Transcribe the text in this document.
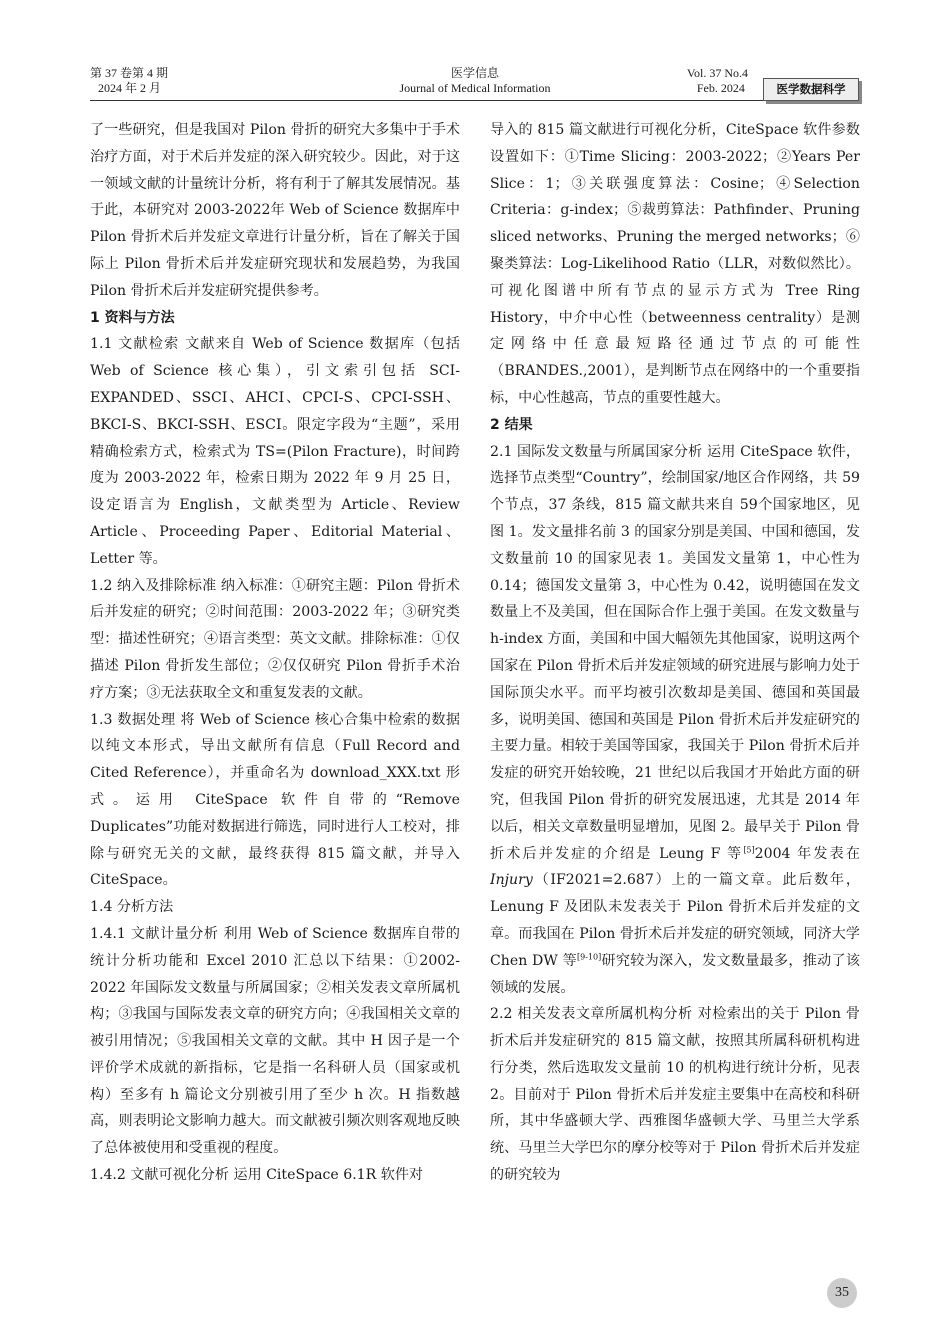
第 37 卷第 4 期
2024 年 2 月
医学信息
Journal of Medical Information
Vol. 37 No.4
Feb. 2024	医学数据科学

了一些研究，但是我国对 Pilon 骨折的研究大多集中于手术治疗方面，对于术后并发症的深入研究较少。因此，对于这一领域文献的计量统计分析，将有利于了解其发展情况。基于此，本研究对 2003-2022年 Web of Science 数据库中 Pilon 骨折术后并发症文章进行计量分析，旨在了解关于国际上 Pilon 骨折术后并发症研究现状和发展趋势，为我国 Pilon 骨折术后并发症研究提供参考。

1 资料与方法

1.1 文献检索 文献来自 Web of Science 数据库（包括 Web of Science 核心集），引文索引包括 SCI-EXPANDED、SSCI、AHCI、CPCI-S、CPCI-SSH、BKCI-S、BKCI-SSH、ESCI。限定字段为“主题”，采用精确检索方式，检索式为 TS=(Pilon Fracture)，时间跨度为 2003-2022 年，检索日期为 2022 年 9 月 25 日，设定语言为 English，文献类型为 Article、Review Article、Proceeding Paper、Editorial Material、Letter 等。

1.2 纳入及排除标准 纳入标准：①研究主题：Pilon 骨折术后并发症的研究；②时间范围：2003-2022 年；③研究类型：描述性研究；④语言类型：英文文献。排除标准：①仅描述 Pilon 骨折发生部位；②仅仅研究 Pilon 骨折手术治疗方案；③无法获取全文和重复发表的文献。

1.3 数据处理 将 Web of Science 核心合集中检索的数据以纯文本形式，导出文献所有信息（Full Record and Cited Reference），并重命名为 download_XXX.txt 形式。运用 CiteSpace 软件自带的“Remove Duplicates”功能对数据进行筛选，同时进行人工校对，排除与研究无关的文献，最终获得 815 篇文献，并导入 CiteSpace。

1.4 分析方法

1.4.1 文献计量分析 利用 Web of Science 数据库自带的统计分析功能和 Excel 2010 汇总以下结果：①2002-2022 年国际发文数量与所属国家；②相关发表文章所属机构；③我国与国际发表文章的研究方向；④我国相关文章的被引用情况；⑤我国相关文章的文献。其中 H 因子是一个评价学术成就的新指标，它是指一名科研人员（国家或机构）至多有 h 篇论文分别被引用了至少 h 次。H 指数越高，则表明论文影响力越大。而文献被引频次则客观地反映了总体被使用和受重视的程度。

1.4.2 文献可视化分析 运用 CiteSpace 6.1R 软件对

导入的 815 篇文献进行可视化分析，CiteSpace 软件参数设置如下：①Time Slicing：2003-2022；②Years Per Slice：1；③关联强度算法：Cosine；④Selection Criteria：g-index；⑤裁剪算法：Pathfinder、Pruning sliced networks、Pruning the merged networks；⑥聚类算法：Log-Likelihood Ratio（LLR，对数似然比）。可视化图谱中所有节点的显示方式为 Tree Ring History，中介中心性（betweenness centrality）是测定网络中任意最短路径通过节点的可能性（BRANDES.,2001），是判断节点在网络中的一个重要指标，中心性越高，节点的重要性越大。

2 结果

2.1 国际发文数量与所属国家分析 运用 CiteSpace 软件，选择节点类型“Country”，绘制国家/地区合作网络，共 59 个节点，37 条线，815 篇文献共来自 59个国家地区，见图 1。发文量排名前 3 的国家分别是美国、中国和德国，发文数量前 10 的国家见表 1。美国发文量第 1，中心性为 0.14；德国发文量第 3，中心性为 0.42，说明德国在发文数量上不及美国，但在国际合作上强于美国。在发文数量与 h-index 方面，美国和中国大幅领先其他国家，说明这两个国家在 Pilon 骨折术后并发症领域的研究进展与影响力处于国际顶尖水平。而平均被引次数却是美国、德国和英国最多，说明美国、德国和英国是 Pilon 骨折术后并发症研究的主要力量。相较于美国等国家，我国关于 Pilon 骨折术后并发症的研究开始较晚，21 世纪以后我国才开始此方面的研究，但我国 Pilon 骨折的研究发展迅速，尤其是 2014 年以后，相关文章数量明显增加，见图 2。最早关于 Pilon 骨折术后并发症的介绍是 Leung F 等[5]2004 年发表在 Injury（IF2021=2.687）上的一篇文章。此后数年，Lenung F 及团队未发表关于 Pilon 骨折术后并发症的文章。而我国在 Pilon 骨折术后并发症的研究领域，同济大学 Chen DW 等[9-10]研究较为深入，发文数量最多，推动了该领域的发展。

2.2 相关发表文章所属机构分析 对检索出的关于 Pilon 骨折术后并发症研究的 815 篇文献，按照其所属科研机构进行分类，然后选取发文量前 10 的机构进行统计分析，见表 2。目前对于 Pilon 骨折术后并发症主要集中在高校和科研所，其中华盛顿大学、西雅图华盛顿大学、马里兰大学系统、马里兰大学巴尔的摩分校等对于 Pilon 骨折术后并发症的研究较为

35
